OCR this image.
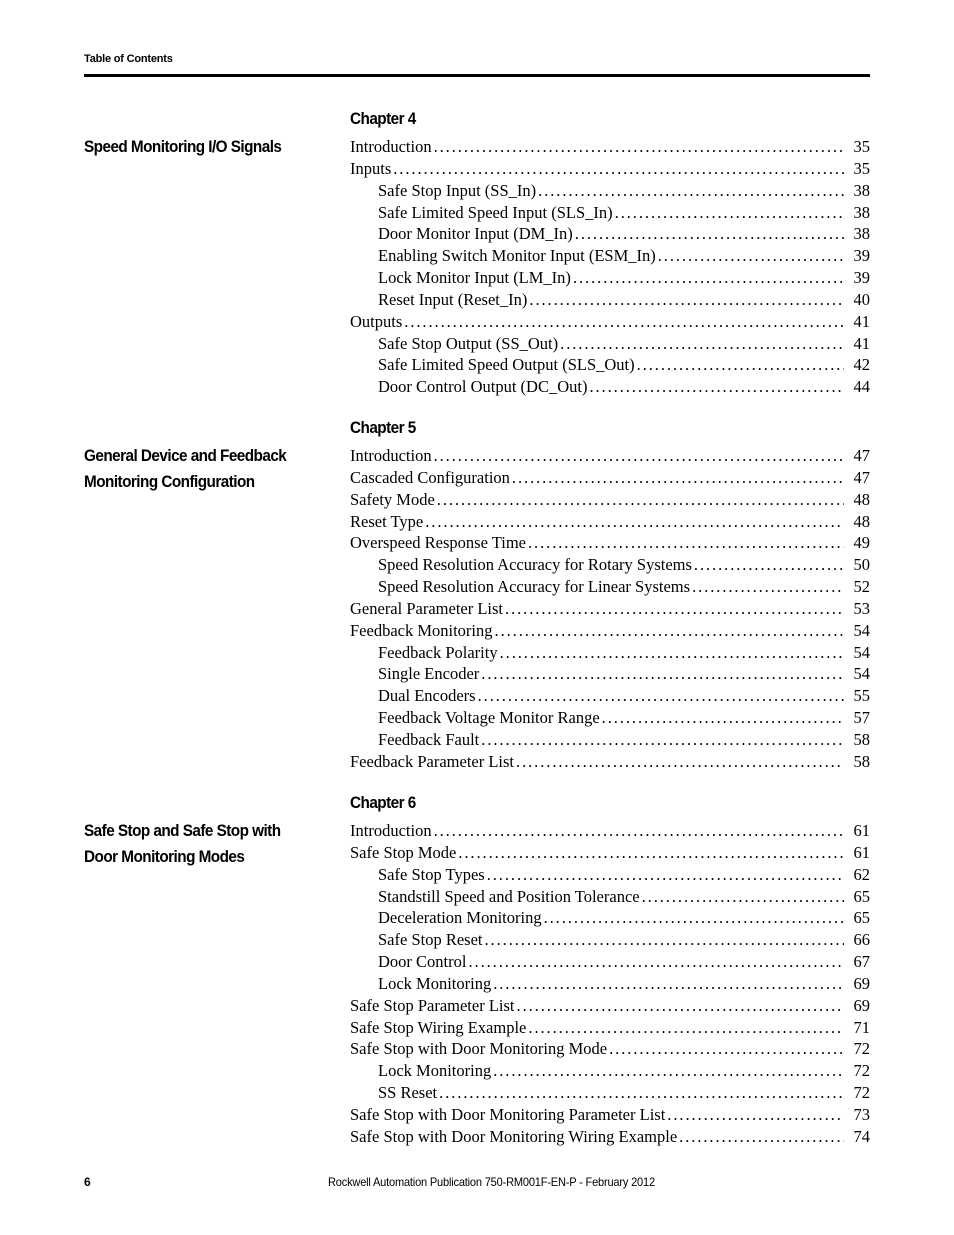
Table of Contents
Chapter 4
Speed Monitoring I/O Signals	Introduction . . .	35
Inputs . . .	35
Safe Stop Input (SS_In) . . .	38
Safe Limited Speed Input (SLS_In) . . .	38
Door Monitor Input (DM_In) . . .	38
Enabling Switch Monitor Input (ESM_In) . . .	39
Lock Monitor Input (LM_In) . . .	39
Reset Input (Reset_In) . . .	40
Outputs . . .	41
Safe Stop Output (SS_Out) . . .	41
Safe Limited Speed Output (SLS_Out) . . .	42
Door Control Output (DC_Out) . . .	44
Chapter 5
General Device and Feedback
Monitoring Configuration
Introduction . . .	47
Cascaded Configuration . . .	47
Safety Mode . . .	48
Reset Type . . .	48
Overspeed Response Time . . .	49
Speed Resolution Accuracy for Rotary Systems . . .	50
Speed Resolution Accuracy for Linear Systems . . .	52
General Parameter List . . .	53
Feedback Monitoring . . .	54
Feedback Polarity . . .	54
Single Encoder . . .	54
Dual Encoders . . .	55
Feedback Voltage Monitor Range . . .	57
Feedback Fault . . .	58
Feedback Parameter List . . .	58
Chapter 6
Safe Stop and Safe Stop with
Door Monitoring Modes
Introduction . . .	61
Safe Stop Mode . . .	61
Safe Stop Types . . .	62
Standstill Speed and Position Tolerance . . .	65
Deceleration Monitoring . . .	65
Safe Stop Reset . . .	66
Door Control . . .	67
Lock Monitoring . . .	69
Safe Stop Parameter List . . .	69
Safe Stop Wiring Example . . .	71
Safe Stop with Door Monitoring Mode . . .	72
Lock Monitoring . . .	72
SS Reset . . .	72
Safe Stop with Door Monitoring Parameter List . . .	73
Safe Stop with Door Monitoring Wiring Example . . .	74
6	Rockwell Automation Publication 750-RM001F-EN-P - February 2012
